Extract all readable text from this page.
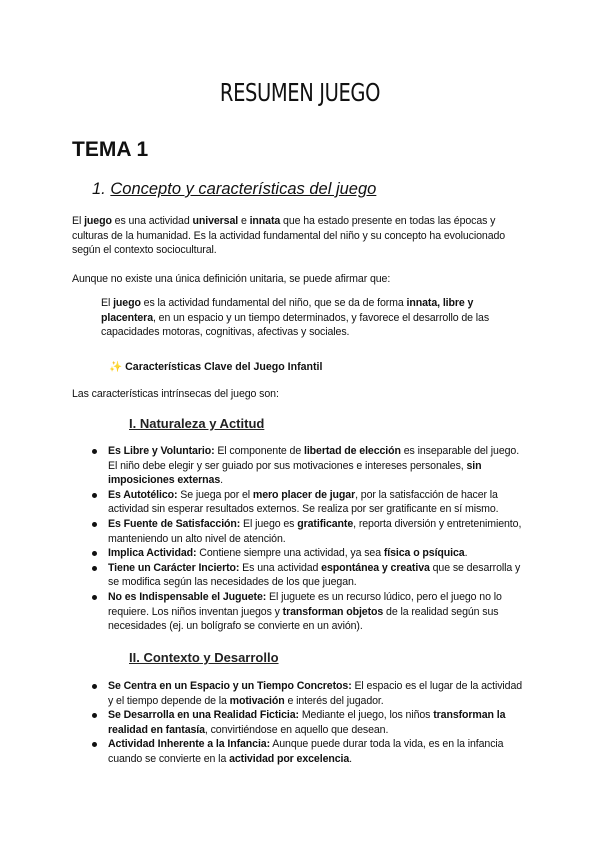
RESUMEN JUEGO
TEMA 1
1. Concepto y características del juego
El juego es una actividad universal e innata que ha estado presente en todas las épocas y culturas de la humanidad. Es la actividad fundamental del niño y su concepto ha evolucionado según el contexto sociocultural.
Aunque no existe una única definición unitaria, se puede afirmar que:
El juego es la actividad fundamental del niño, que se da de forma innata, libre y placentera, en un espacio y un tiempo determinados, y favorece el desarrollo de las capacidades motoras, cognitivas, afectivas y sociales.
✨ Características Clave del Juego Infantil
Las características intrínsecas del juego son:
I. Naturaleza y Actitud
Es Libre y Voluntario: El componente de libertad de elección es inseparable del juego. El niño debe elegir y ser guiado por sus motivaciones e intereses personales, sin imposiciones externas.
Es Autotélico: Se juega por el mero placer de jugar, por la satisfacción de hacer la actividad sin esperar resultados externos. Se realiza por ser gratificante en sí mismo.
Es Fuente de Satisfacción: El juego es gratificante, reporta diversión y entretenimiento, manteniendo un alto nivel de atención.
Implica Actividad: Contiene siempre una actividad, ya sea física o psíquica.
Tiene un Carácter Incierto: Es una actividad espontánea y creativa que se desarrolla y se modifica según las necesidades de los que juegan.
No es Indispensable el Juguete: El juguete es un recurso lúdico, pero el juego no lo requiere. Los niños inventan juegos y transforman objetos de la realidad según sus necesidades (ej. un bolígrafo se convierte en un avión).
II. Contexto y Desarrollo
Se Centra en un Espacio y un Tiempo Concretos: El espacio es el lugar de la actividad y el tiempo depende de la motivación e interés del jugador.
Se Desarrolla en una Realidad Ficticia: Mediante el juego, los niños transforman la realidad en fantasía, convirtiéndose en aquello que desean.
Actividad Inherente a la Infancia: Aunque puede durar toda la vida, es en la infancia cuando se convierte en la actividad por excelencia.
